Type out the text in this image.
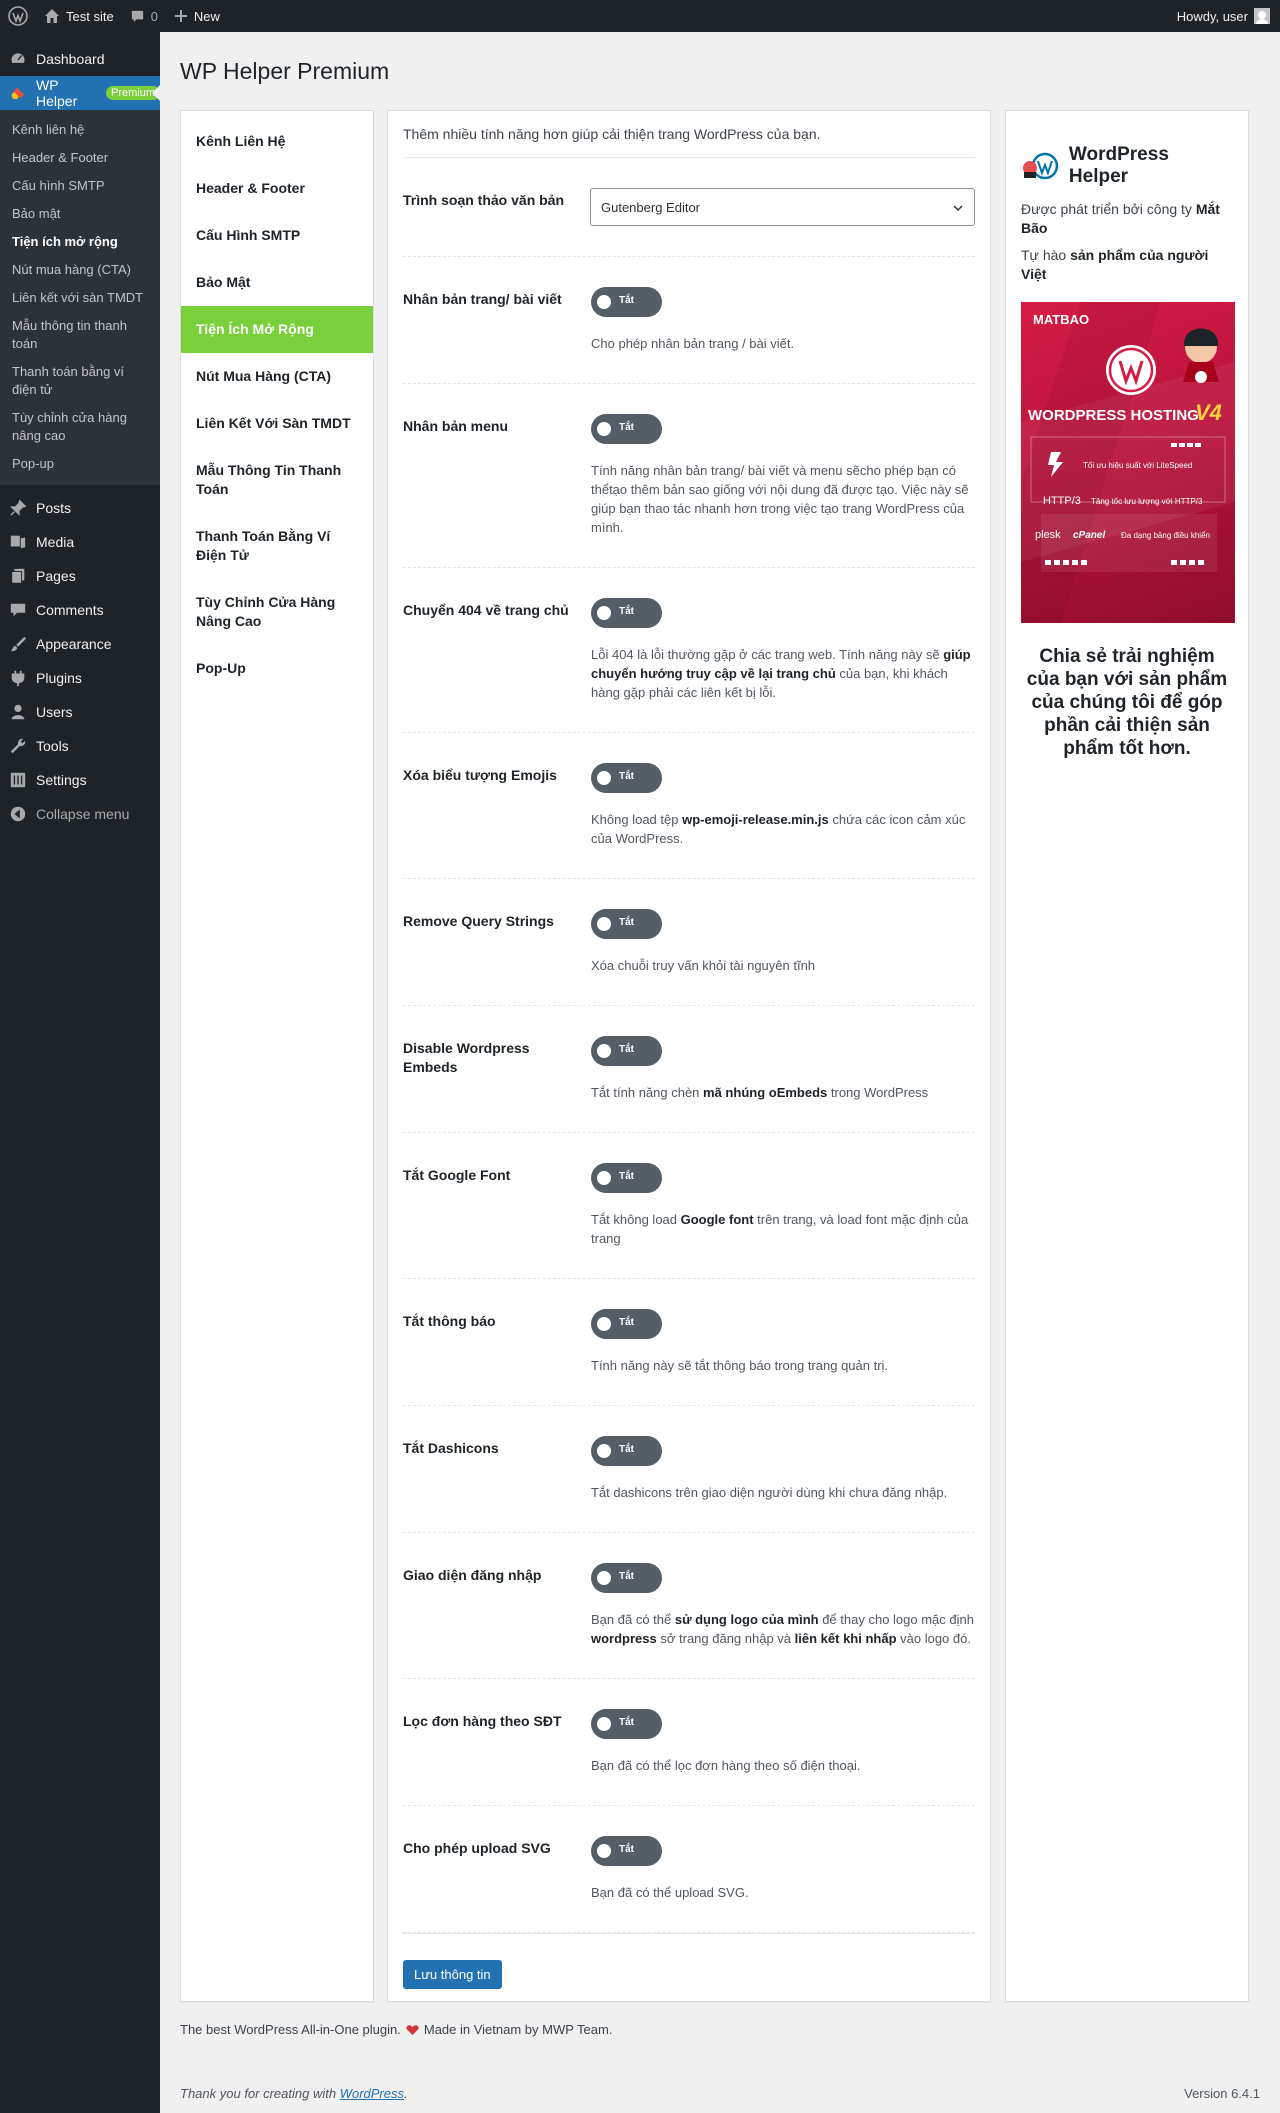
Test site	0	New	Howdy, user
Dashboard
WP Helper	Premium
Kênh liên hệ
Header & Footer
Cấu hình SMTP
Bảo mật
Tiện ích mở rộng
Nút mua hàng (CTA)
Liên kết với sàn TMDT
Mẫu thông tin thanh toán
Thanh toán bằng ví điện tử
Tùy chỉnh cửa hàng nâng cao
Pop-up
Posts
Media
Pages
Comments
Appearance
Plugins
Users
Tools
Settings
Collapse menu
WP Helper Premium
Kênh Liên Hệ
Header & Footer
Cấu Hình SMTP
Bảo Mật
Tiện Ích Mở Rộng
Nút Mua Hàng (CTA)
Liên Kết Với Sàn TMDT
Mẫu Thông Tin Thanh Toán
Thanh Toán Bằng Ví Điện Tử
Tùy Chỉnh Cửa Hàng Nâng Cao
Pop-Up
Thêm nhiều tính năng hơn giúp cải thiện trang WordPress của bạn.
Trình soạn thảo văn bản	Gutenberg Editor
Nhân bản trang/ bài viết	Tắt
Cho phép nhân bản trang / bài viết.
Nhân bản menu	Tắt
Tính năng nhân bản trang/ bài viết và menu sẽcho phép bạn có thểtạo thêm bản sao giống với nội dung đã được tạo. Việc này sẽ giúp bạn thao tác nhanh hơn trong việc tạo trang WordPress của mình.
Chuyển 404 về trang chủ	Tắt
Lỗi 404 là lỗi thường gặp ở các trang web. Tính năng này sẽ giúp chuyển hướng truy cập về lại trang chủ của bạn, khi khách hàng gặp phải các liên kết bị lỗi.
Xóa biểu tượng Emojis	Tắt
Không load tệp wp-emoji-release.min.js chứa các icon cảm xúc của WordPress.
Remove Query Strings	Tắt
Xóa chuỗi truy vấn khỏi tài nguyên tĩnh
Disable Wordpress Embeds
Tắt
Tắt tính năng chèn mã nhúng oEmbeds trong WordPress
Tắt Google Font	Tắt
Tắt không load Google font trên trang, và load font mặc định của trang
Tắt thông báo	Tắt
Tính năng này sẽ tắt thông báo trong trang quản trị.
Tắt Dashicons	Tắt
Tắt dashicons trên giao diện người dùng khi chưa đăng nhập.
Giao diện đăng nhập	Tắt
Bạn đã có thể sử dụng logo của mình để thay cho logo mặc định wordpress sở trang đăng nhập và liên kết khi nhấp vào logo đó.
Lọc đơn hàng theo SĐT	Tắt
Bạn đã có thể lọc đơn hàng theo số điện thoại.
Cho phép upload SVG	Tắt
Bạn đã có thể upload SVG.
Lưu thông tin
WordPress Helper
Được phát triển bởi công ty Mắt Bão
Tự hào sản phẩm của người Việt
MATBAO
WORDPRESS HOSTING
V4
Tối ưu hiệu suất với LiteSpeed
HTTP/3 Tăng tốc lưu lượng với HTTP/3
plesk cPanel Đa dạng bảng điều khiển
Chia sẻ trải nghiệm của bạn với sản phẩm của chúng tôi để góp phần cải thiện sản phẩm tốt hơn.
The best WordPress All-in-One plugin. Made in Vietnam by MWP Team.
Thank you for creating with WordPress.	Version 6.4.1
